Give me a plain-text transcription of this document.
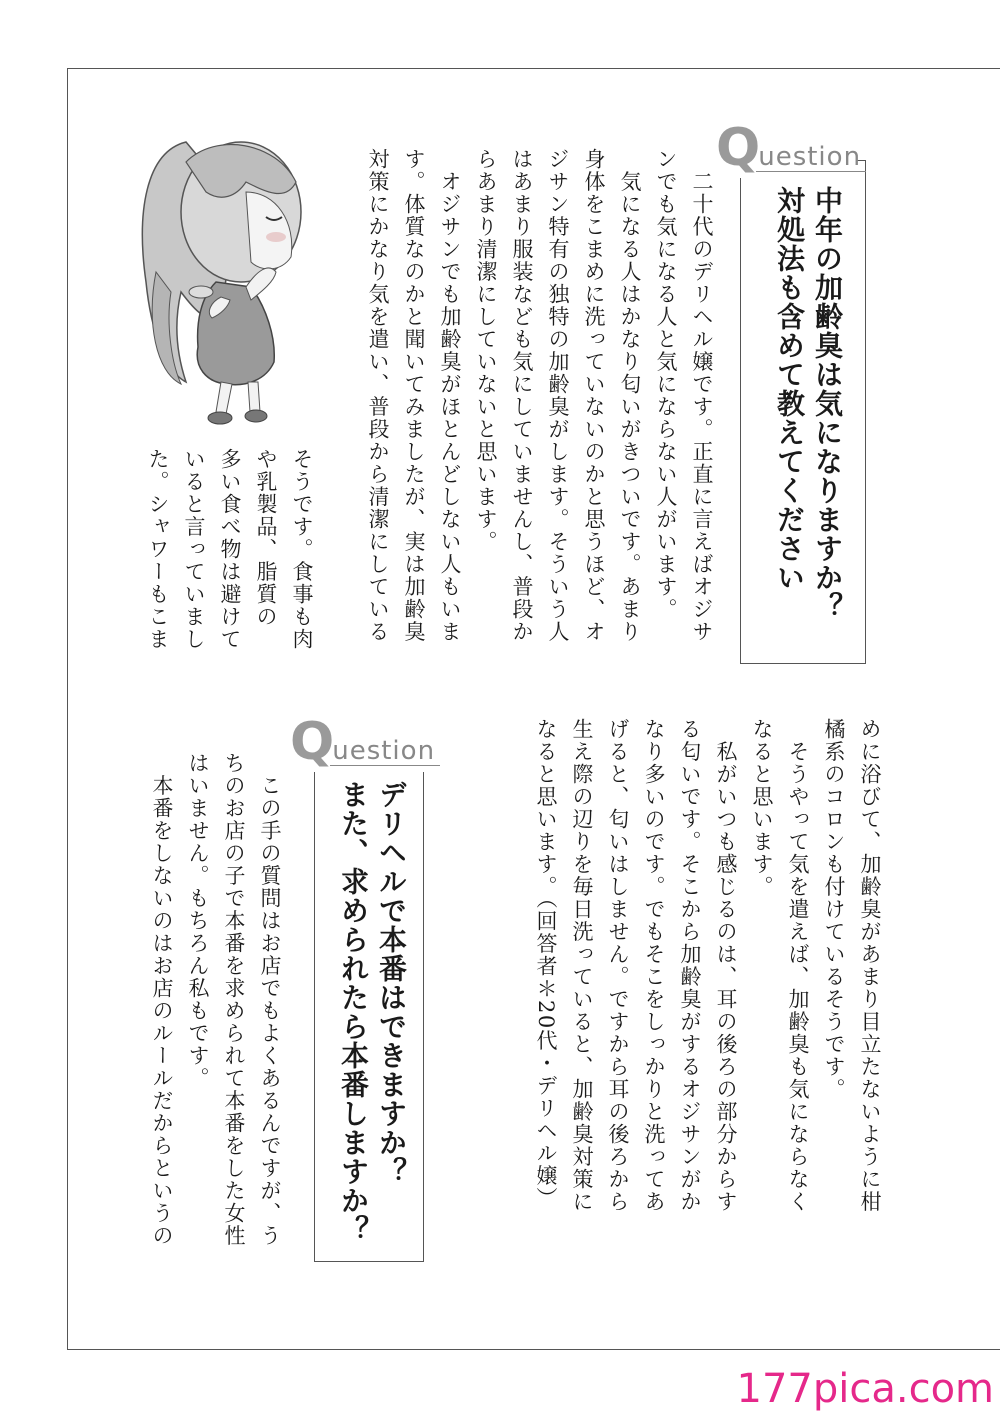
Question
中年の加齢臭は気になりますか？
対処法も含めて教えてください
　二十代のデリヘル嬢です。正直に言えばオジサ
ンでも気になる人と気にならない人がいます。
　気になる人はかなり匂いがきついです。あまり
身体をこまめに洗っていないのかと思うほど、オ
ジサン特有の独特の加齢臭がします。そういう人
はあまり服装なども気にしていませんし、普段か
らあまり清潔にしていないと思います。
　オジサンでも加齢臭がほとんどしない人もいま
す。体質なのかと聞いてみましたが、実は加齢臭
対策にかなり気を遣い、普段から清潔にしている
そうです。食事も肉
や乳製品、脂質の
多い食べ物は避けて
いると言っていまし
た。シャワーもこま
めに浴びて、加齢臭があまり目立たないように柑
橘系のコロンも付けているそうです。
　そうやって気を遣えば、加齢臭も気にならなく
なると思います。
　私がいつも感じるのは、耳の後ろの部分からす
る匂いです。そこから加齢臭がするオジサンがか
なり多いのです。でもそこをしっかりと洗ってあ
げると、匂いはしません。ですから耳の後ろから
生え際の辺りを毎日洗っていると、加齢臭対策に
なると思います。（回答者＊20代・デリヘル嬢）
Question
デリヘルで本番はできますか？
また、求められたら本番しますか？
　この手の質問はお店でもよくあるんですが、う
ちのお店の子で本番を求められて本番をした女性
はいません。もちろん私もです。
　本番をしないのはお店のルールだからというの
177pica.com
